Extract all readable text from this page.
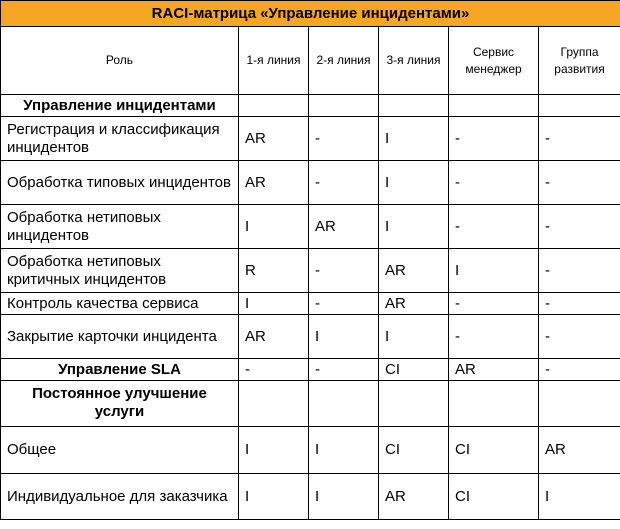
RACI-матрица «Управление инцидентами»					
Роль	1-я линия	2-я линия	3-я линия	Сервис менеджер	Группа развития
Управление инцидентами					
Регистрация и классификация инцидентов	AR	-	I	-	-
Обработка типовых инцидентов	AR	-	I	-	-
Обработка нетиповых инцидентов	I	AR	I	-	-
Обработка нетиповых критичных инцидентов	R	-	AR	I	-
Контроль качества сервиса	I	-	AR	-	-
Закрытие карточки инцидента	AR	I	I	-	-
Управление SLA	-	-	CI	AR	-
Постоянное улучшение услуги					
Общее	I	I	CI	CI	AR
Индивидуальное для заказчика	I	I	AR	CI	I
